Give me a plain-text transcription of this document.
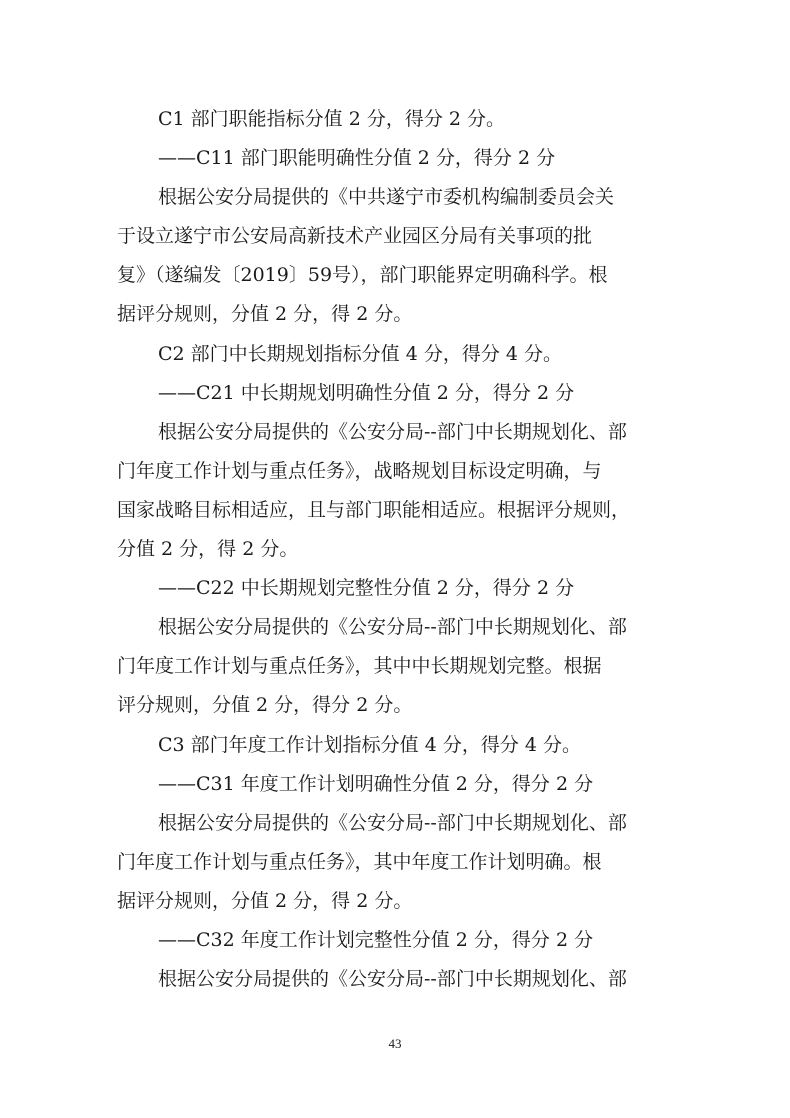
C1 部门职能指标分值 2 分，得分 2 分。
——C11 部门职能明确性分值 2 分，得分 2 分
根据公安分局提供的《中共遂宁市委机构编制委员会关
于设立遂宁市公安局高新技术产业园区分局有关事项的批
复》（遂编发〔2019〕59号），部门职能界定明确科学。根
据评分规则，分值 2 分，得 2 分。
C2 部门中长期规划指标分值 4 分，得分 4 分。
——C21 中长期规划明确性分值 2 分，得分 2 分
根据公安分局提供的《公安分局--部门中长期规划化、部
门年度工作计划与重点任务》，战略规划目标设定明确，与
国家战略目标相适应，且与部门职能相适应。根据评分规则，
分值 2 分，得 2 分。
——C22 中长期规划完整性分值 2 分，得分 2 分
根据公安分局提供的《公安分局--部门中长期规划化、部
门年度工作计划与重点任务》，其中中长期规划完整。根据
评分规则，分值 2 分，得分 2 分。
C3 部门年度工作计划指标分值 4 分，得分 4 分。
——C31 年度工作计划明确性分值 2 分，得分 2 分
根据公安分局提供的《公安分局--部门中长期规划化、部
门年度工作计划与重点任务》，其中年度工作计划明确。根
据评分规则，分值 2 分，得 2 分。
——C32 年度工作计划完整性分值 2 分，得分 2 分
根据公安分局提供的《公安分局--部门中长期规划化、部
43
